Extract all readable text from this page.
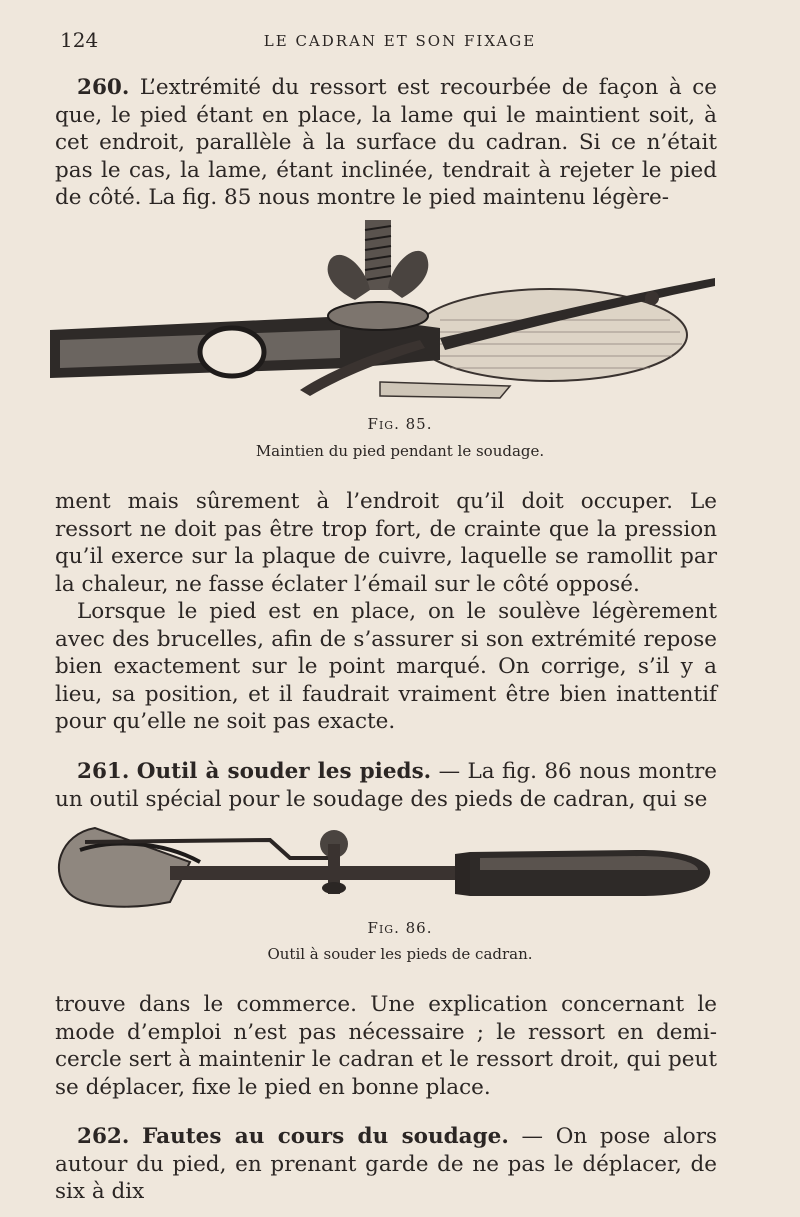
124	LE CADRAN ET SON FIXAGE

260. L’extrémité du ressort est recourbée de façon à ce que, le pied étant en place, la lame qui le maintient soit, à cet endroit, parallèle à la surface du cadran. Si ce n’était pas le cas, la lame, étant inclinée, tendrait à rejeter le pied de côté. La fig. 85 nous montre le pied maintenu légère-

Fig. 85.
Maintien du pied pendant le soudage.

ment mais sûrement à l’endroit qu’il doit occuper. Le ressort ne doit pas être trop fort, de crainte que la pression qu’il exerce sur la plaque de cuivre, laquelle se ramollit par la chaleur, ne fasse éclater l’émail sur le côté opposé.

Lorsque le pied est en place, on le soulève légèrement avec des brucelles, afin de s’assurer si son extrémité repose bien exactement sur le point marqué. On corrige, s’il y a lieu, sa position, et il faudrait vraiment être bien inattentif pour qu’elle ne soit pas exacte.

261. Outil à souder les pieds. — La fig. 86 nous montre un outil spécial pour le soudage des pieds de cadran, qui se

Fig. 86.
Outil à souder les pieds de cadran.

trouve dans le commerce. Une explication concernant le mode d’emploi n’est pas nécessaire ; le ressort en demi-cercle sert à maintenir le cadran et le ressort droit, qui peut se déplacer, fixe le pied en bonne place.

262. Fautes au cours du soudage. — On pose alors autour du pied, en prenant garde de ne pas le déplacer, de six à dix
